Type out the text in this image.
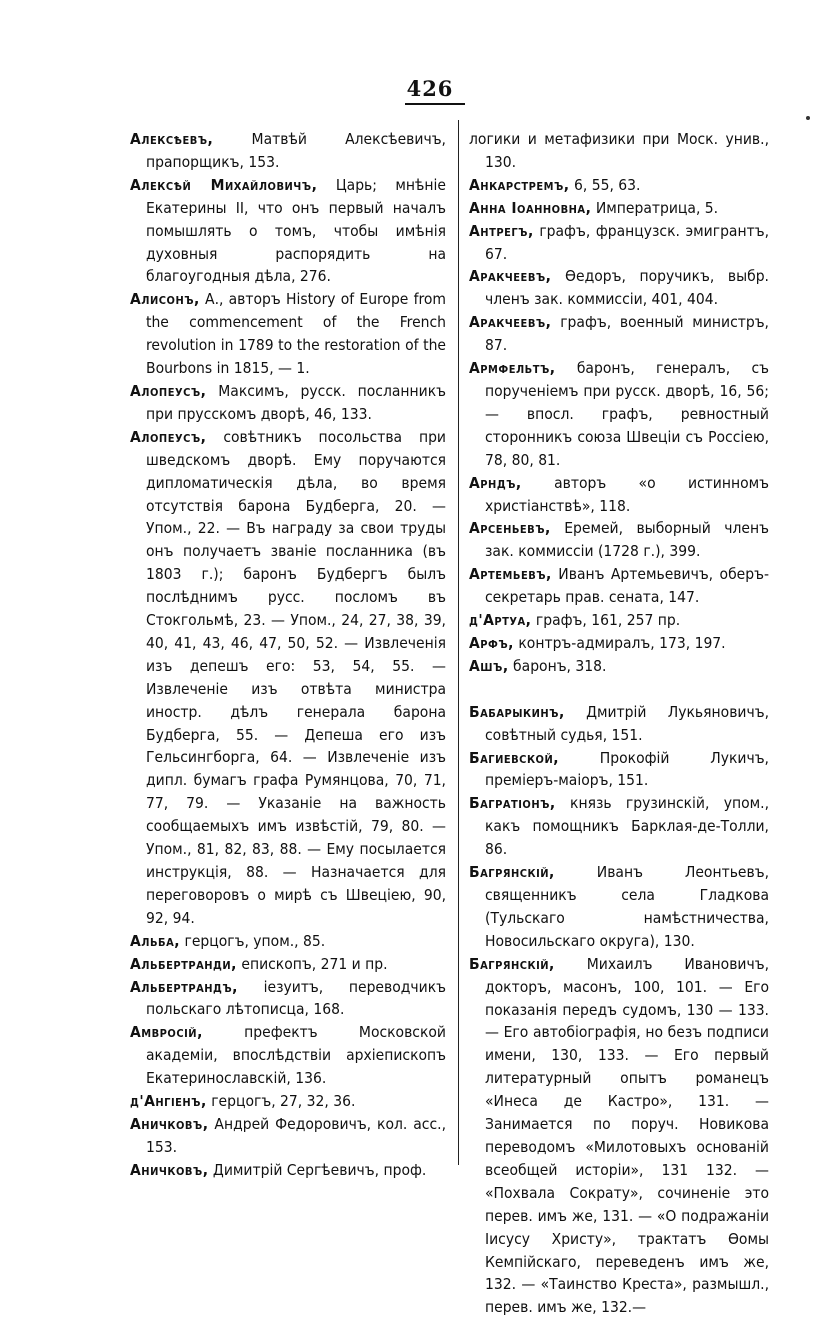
426

Алексѣевъ, Матвѣй Алексѣевичъ, прапорщикъ, 153.

Алексѣй Михайловичъ, Царь; мнѣніе Екатерины II, что онъ первый началъ помышлять о томъ, чтобы имѣнія духовныя распорядить на благоугодныя дѣла, 276.

Алисонъ, А., авторъ History of Europe from the commencement of the French revolution in 1789 to the restoration of the Bourbons in 1815, — 1.

Алопеусъ, Максимъ, русск. посланникъ при прусскомъ дворѣ, 46, 133.

Алопеусъ, совѣтникъ посольства при шведскомъ дворѣ. Ему поручаются дипломатическія дѣла, во время отсутствія барона Будберга, 20. — Упом., 22. — Въ награду за свои труды онъ получаетъ званіе посланника (въ 1803 г.); баронъ Будбергъ былъ послѣднимъ русс. посломъ въ Стокгольмѣ, 23. — Упом., 24, 27, 38, 39, 40, 41, 43, 46, 47, 50, 52. — Извлеченія изъ депешъ его: 53, 54, 55. — Извлеченіе изъ отвѣта министра иностр. дѣлъ генерала барона Будберга, 55. — Депеша его изъ Гельсингборга, 64. — Извлеченіе изъ дипл. бумагъ графа Румянцова, 70, 71, 77, 79. — Указаніе на важность сообщаемыхъ имъ извѣстій, 79, 80. — Упом., 81, 82, 83, 88. — Ему посылается инструкція, 88. — Назначается для переговоровъ о мирѣ съ Швеціею, 90, 92, 94.

Альба, герцогъ, упом., 85.

Альбертранди, епископъ, 271 и пр.

Альбертрандъ, іезуитъ, переводчикъ польскаго лѣтописца, 168.

Амвросій, префектъ Московской академіи, впослѣдствіи архіепископъ Екатеринославскій, 136.

д'Ангіенъ, герцогъ, 27, 32, 36.

Аничковъ, Андрей Федоровичъ, кол. асс., 153.

Аничковъ, Димитрій Сергѣевичъ, проф.

логики и метафизики при Моск. унив., 130.

Анкарстремъ, 6, 55, 63.

Анна Іоанновна, Императрица, 5.

Антрегъ, графъ, французск. эмигрантъ, 67.

Аракчеевъ, Ѳедоръ, поручикъ, выбр. членъ зак. коммиссіи, 401, 404.

Аракчеевъ, графъ, военный министръ, 87.

Армфельтъ, баронъ, генералъ, съ порученіемъ при русск. дворѣ, 16, 56; — впосл. графъ, ревностный сторонникъ союза Швеціи съ Россіею, 78, 80, 81.

Арндъ, авторъ «о истинномъ христіанствѣ», 118.

Арсеньевъ, Еремей, выборный членъ зак. коммиссіи (1728 г.), 399.

Артемьевъ, Иванъ Артемьевичъ, оберъ-секретарь прав. сената, 147.

д'Артуа, графъ, 161, 257 пр.

Арфъ, контръ-адмиралъ, 173, 197.

Ашъ, баронъ, 318.

Бабарыкинъ, Дмитрій Лукьяновичъ, совѣтный судья, 151.

Багиевской, Прокофій Лукичъ, премiеръ-маіоръ, 151.

Багратіонъ, князь грузинскій, упом., какъ помощникъ Барклая-де-Толли, 86.

Багрянскій, Иванъ Леонтьевъ, священникъ села Гладкова (Тульскаго намѣстничества, Новосильскаго округа), 130.

Багрянскій, Михаилъ Ивановичъ, докторъ, масонъ, 100, 101. — Его показанія передъ судомъ, 130 — 133. — Его автобіографія, но безъ подписи имени, 130, 133. — Его первый литературный опытъ романецъ «Инеса де Кастро», 131. — Занимается по поруч. Новикова переводомъ «Милотовыхъ основаній всеобщей исторіи», 131 132. — «Похвала Сократу», сочиненіе это перев. имъ же, 131. — «О подражаніи Іисусу Христу», трактатъ Ѳомы Кемпійскаго, переведенъ имъ же, 132. — «Таинство Креста», размышл., перев. имъ же, 132.—
